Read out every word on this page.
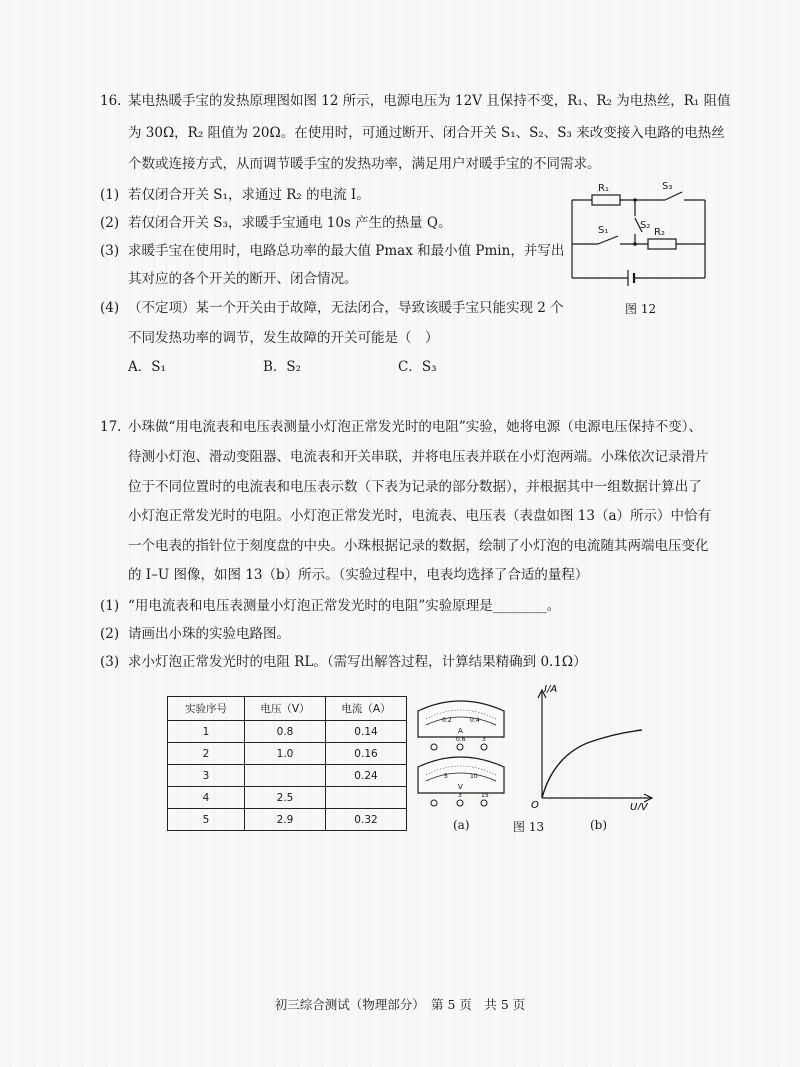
16. 某电热暖手宝的发热原理图如图 12 所示，电源电压为 12V 且保持不变，R₁、R₂ 为电热丝，R₁ 阻值
为 30Ω，R₂ 阻值为 20Ω。在使用时，可通过断开、闭合开关 S₁、S₂、S₃ 来改变接入电路的电热丝
个数或连接方式，从而调节暖手宝的发热功率，满足用户对暖手宝的不同需求。
(1) 若仅闭合开关 S₁，求通过 R₂ 的电流 I。
(2) 若仅闭合开关 S₃，求暖手宝通电 10s 产生的热量 Q。
(3) 求暖手宝在使用时，电路总功率的最大值 Pmax 和最小值 Pmin，并写出
其对应的各个开关的断开、闭合情况。
(4) （不定项）某一个开关由于故障，无法闭合，导致该暖手宝只能实现 2 个
不同发热功率的调节，发生故障的开关可能是（　）
A．S₁	B．S₂	C．S₃
R₁	S₃
S₂
S₁	R₂
图 12
17. 小珠做“用电流表和电压表测量小灯泡正常发光时的电阻”实验，她将电源（电源电压保持不变）、
待测小灯泡、滑动变阻器、电流表和开关串联，并将电压表并联在小灯泡两端。小珠依次记录滑片
位于不同位置时的电流表和电压表示数（下表为记录的部分数据），并根据其中一组数据计算出了
小灯泡正常发光时的电阻。小灯泡正常发光时，电流表、电压表（表盘如图 13（a）所示）中恰有
一个电表的指针位于刻度盘的中央。小珠根据记录的数据，绘制了小灯泡的电流随其两端电压变化
的 I–U 图像，如图 13（b）所示。（实验过程中，电表均选择了合适的量程）
(1) “用电流表和电压表测量小灯泡正常发光时的电阻”实验原理是________。
(2) 请画出小珠的实验电路图。
(3) 求小灯泡正常发光时的电阻 RL。（需写出解答过程，计算结果精确到 0.1Ω）
实验序号	电压（V）	电流（A）
1	0.8	0.14
2	1.0	0.16
3		0.24
4	2.5	
5	2.9	0.32
0.2	0.4
A
0.6	3
5	10
V
3	15
(a)	图 13	(b)
I/A
U/V
O
初三综合测试（物理部分）　第 5 页　共 5 页
